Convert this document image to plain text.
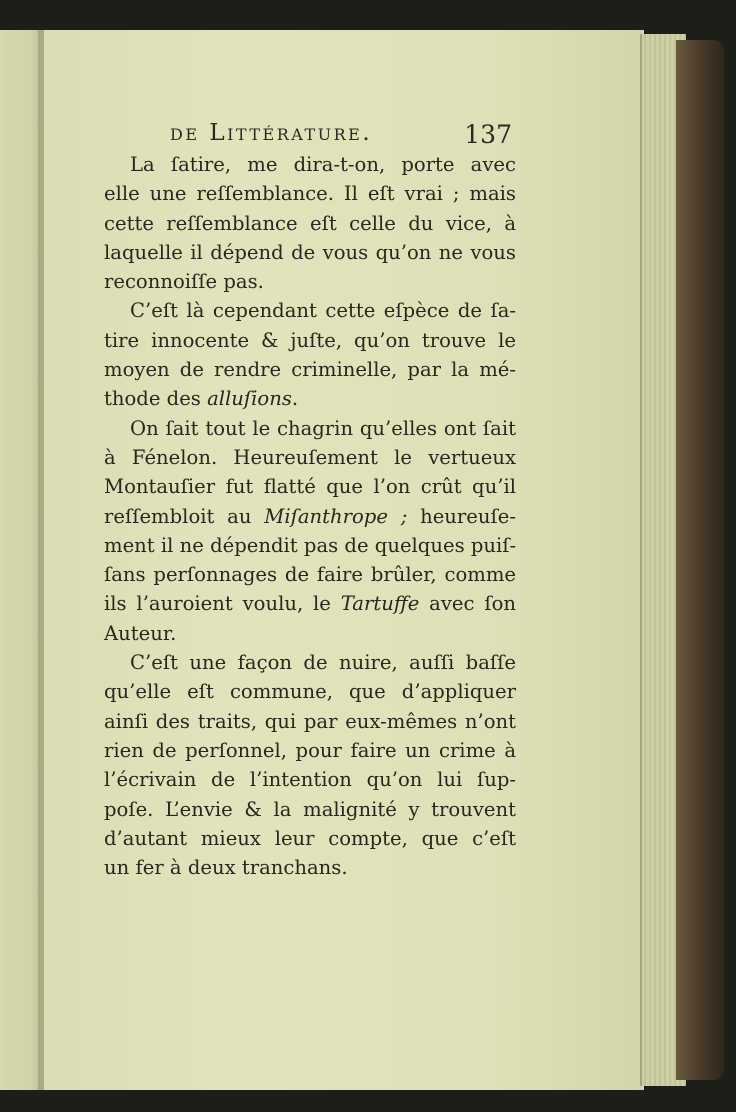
de Littérature.	137
La ſatire, me dira-t-on, porte avec
elle une reſſemblance. Il eſt vrai ; mais
cette reſſemblance eſt celle du vice, à
laquelle il dépend de vous qu’on ne vous
reconnoiſſe pas.
C’eſt là cependant cette eſpèce de ſa-
tire innocente & juſte, qu’on trouve le
moyen de rendre criminelle, par la mé-
thode des alluſions.
On ſait tout le chagrin qu’elles ont ſait
à Fénelon. Heureuſement le vertueux
Montauſier fut flatté que l’on crût qu’il
reſſembloit au Miſanthrope ; heureuſe-
ment il ne dépendit pas de quelques puiſ-
ſans perſonnages de faire brûler, comme
ils l’auroient voulu, le Tartuffe avec ſon
Auteur.
C’eſt une façon de nuire, auſſi baſſe
qu’elle eſt commune, que d’appliquer
ainſi des traits, qui par eux-mêmes n’ont
rien de perſonnel, pour faire un crime à
l’écrivain de l’intention qu’on lui ſup-
poſe. L’envie & la malignité y trouvent
d’autant mieux leur compte, que c’eſt
un fer à deux tranchans.
